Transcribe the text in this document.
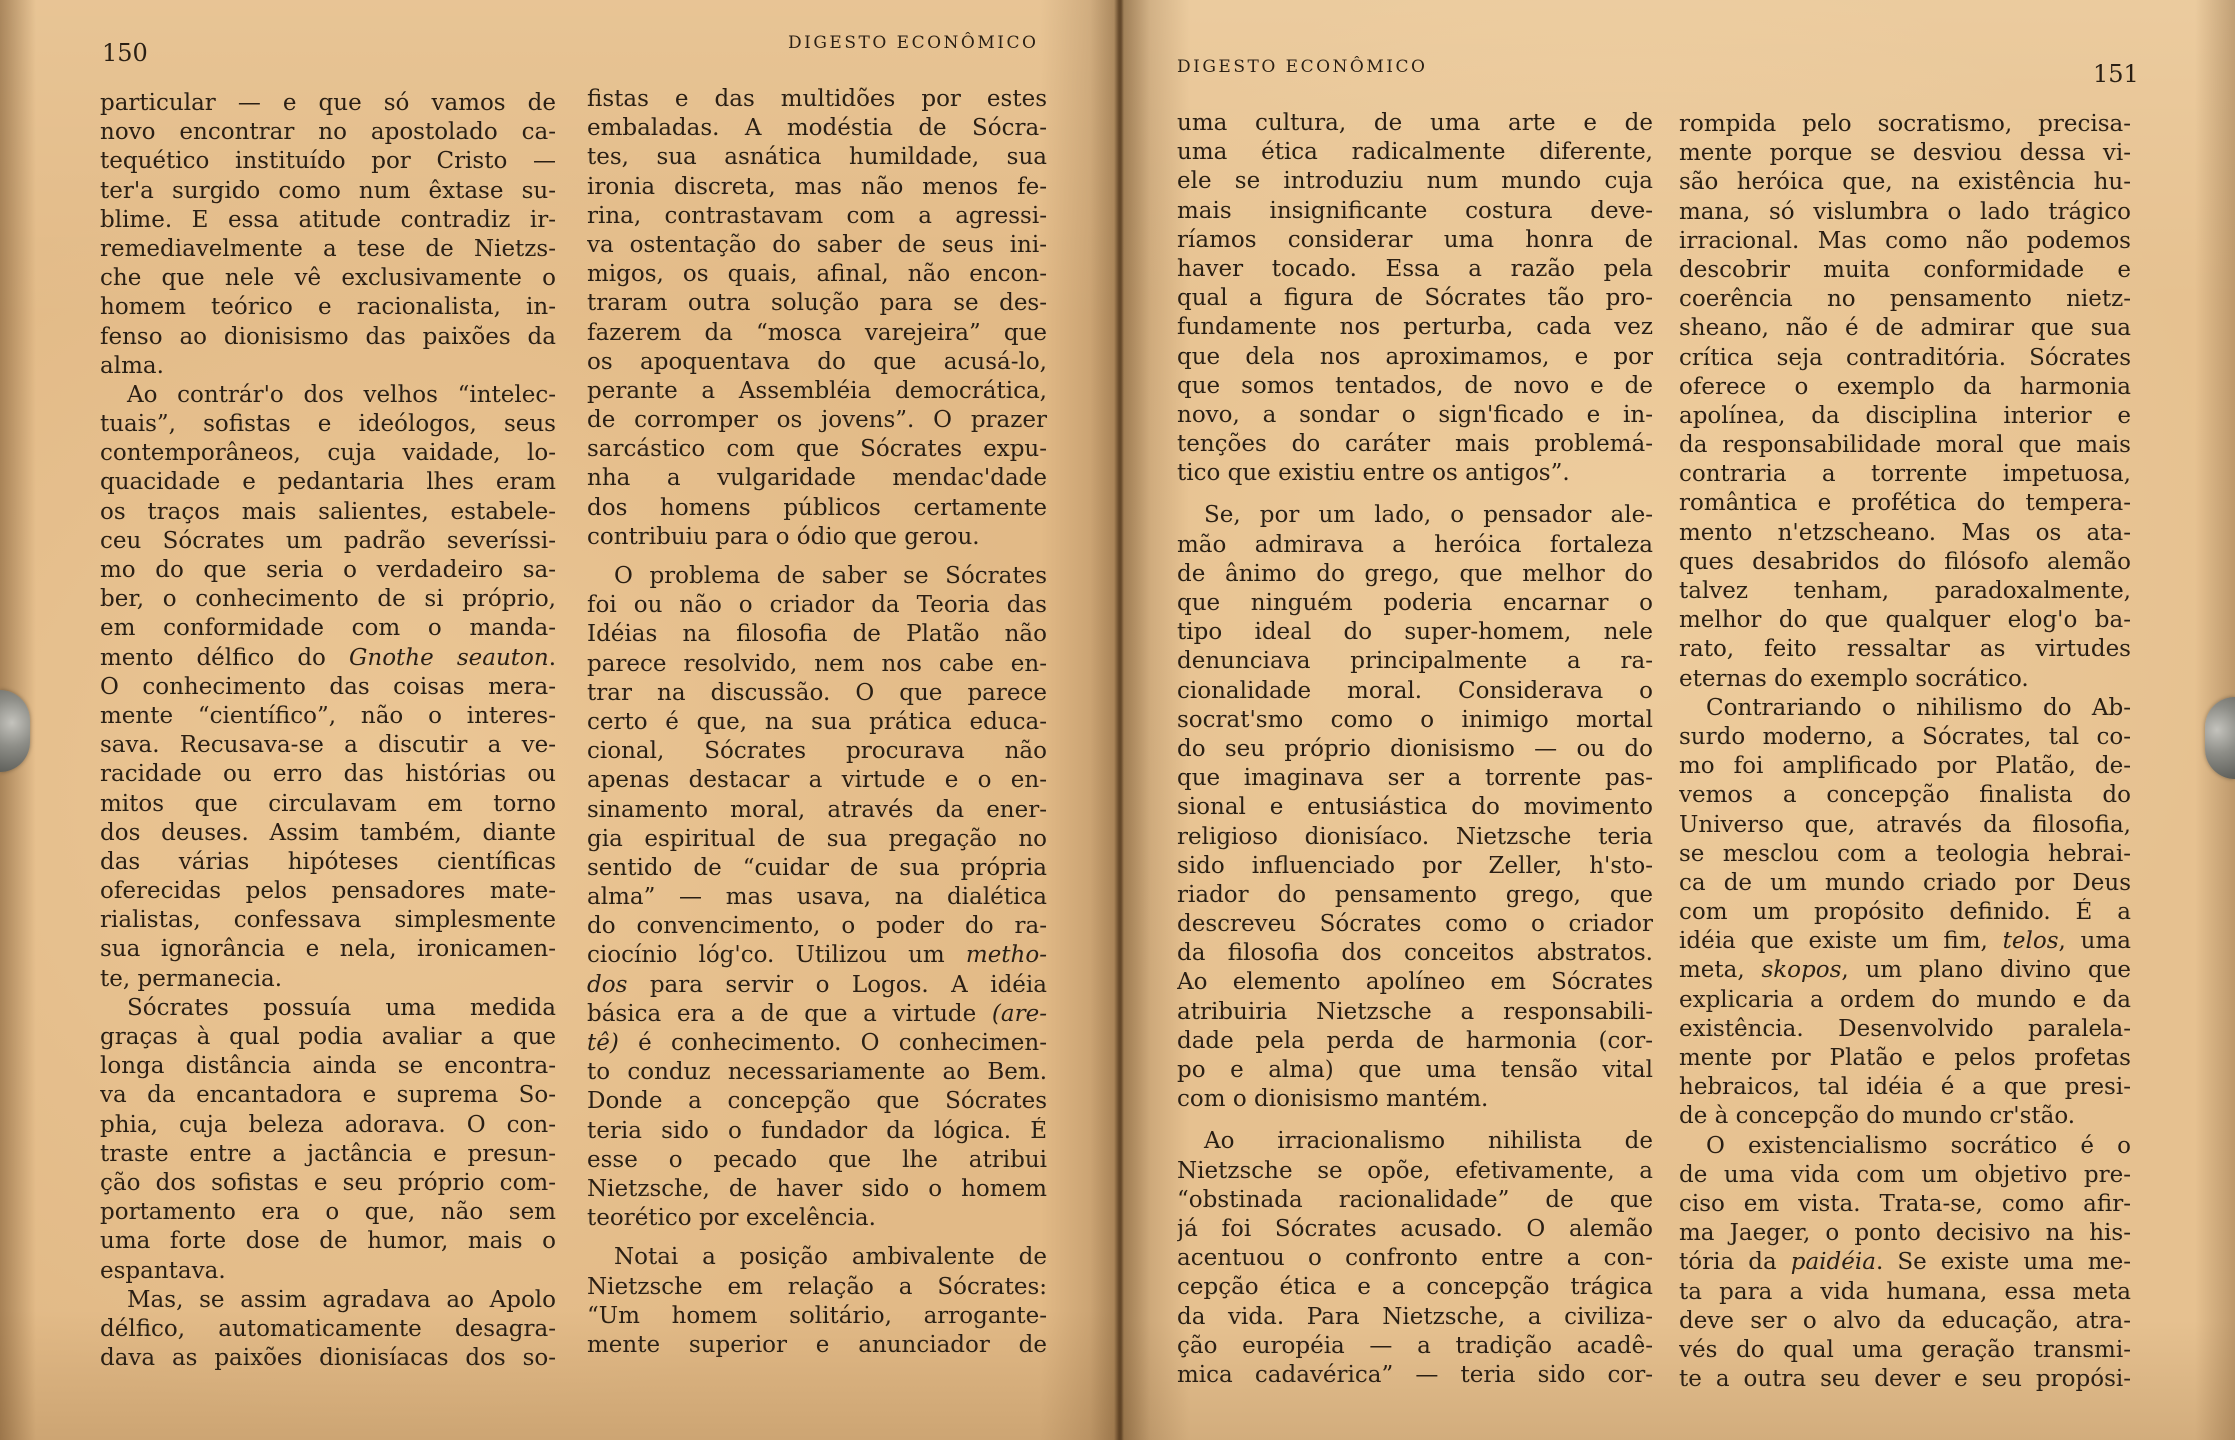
150	DIGESTO ECONÔMICO
DIGESTO ECONÔMICO	151
particular — e que só vamos de
novo encontrar no apostolado ca-
tequético instituído por Cristo —
ter'a surgido como num êxtase su-
blime. E essa atitude contradiz ir-
remediavelmente a tese de Nietzs-
che que nele vê exclusivamente o
homem teórico e racionalista, in-
fenso ao dionisismo das paixões da
alma.
Ao contrár'o dos velhos “intelec-
tuais”, sofistas e ideólogos, seus
contemporâneos, cuja vaidade, lo-
quacidade e pedantaria lhes eram
os traços mais salientes, estabele-
ceu Sócrates um padrão severíssi-
mo do que seria o verdadeiro sa-
ber, o conhecimento de si próprio,
em conformidade com o manda-
mento délfico do Gnothe seauton.
O conhecimento das coisas mera-
mente “científico”, não o interes-
sava. Recusava-se a discutir a ve-
racidade ou erro das histórias ou
mitos que circulavam em torno
dos deuses. Assim também, diante
das várias hipóteses científicas
oferecidas pelos pensadores mate-
rialistas, confessava simplesmente
sua ignorância e nela, ironicamen-
te, permanecia.
Sócrates possuía uma medida
graças à qual podia avaliar a que
longa distância ainda se encontra-
va da encantadora e suprema So-
phia, cuja beleza adorava. O con-
traste entre a jactância e presun-
ção dos sofistas e seu próprio com-
portamento era o que, não sem
uma forte dose de humor, mais o
espantava.
Mas, se assim agradava ao Apolo
délfico, automaticamente desagra-
dava as paixões dionisíacas dos so-
fistas e das multidões por estes
embaladas. A modéstia de Sócra-
tes, sua asnática humildade, sua
ironia discreta, mas não menos fe-
rina, contrastavam com a agressi-
va ostentação do saber de seus ini-
migos, os quais, afinal, não encon-
traram outra solução para se des-
fazerem da “mosca varejeira” que
os apoquentava do que acusá-lo,
perante a Assembléia democrática,
de corromper os jovens”. O prazer
sarcástico com que Sócrates expu-
nha a vulgaridade mendac'dade
dos homens públicos certamente
contribuiu para o ódio que gerou.
O problema de saber se Sócrates
foi ou não o criador da Teoria das
Idéias na filosofia de Platão não
parece resolvido, nem nos cabe en-
trar na discussão. O que parece
certo é que, na sua prática educa-
cional, Sócrates procurava não
apenas destacar a virtude e o en-
sinamento moral, através da ener-
gia espiritual de sua pregação no
sentido de “cuidar de sua própria
alma” — mas usava, na dialética
do convencimento, o poder do ra-
ciocínio lóg'co. Utilizou um metho-
dos para servir o Logos. A idéia
básica era a de que a virtude (are-
tê) é conhecimento. O conhecimen-
to conduz necessariamente ao Bem.
Donde a concepção que Sócrates
teria sido o fundador da lógica. É
esse o pecado que lhe atribui
Nietzsche, de haver sido o homem
teorético por excelência.
Notai a posição ambivalente de
Nietzsche em relação a Sócrates:
“Um homem solitário, arrogante-
mente superior e anunciador de
uma cultura, de uma arte e de
uma ética radicalmente diferente,
ele se introduziu num mundo cuja
mais insignificante costura deve-
ríamos considerar uma honra de
haver tocado. Essa a razão pela
qual a figura de Sócrates tão pro-
fundamente nos perturba, cada vez
que dela nos aproximamos, e por
que somos tentados, de novo e de
novo, a sondar o sign'ficado e in-
tenções do caráter mais problemá-
tico que existiu entre os antigos”.
Se, por um lado, o pensador ale-
mão admirava a heróica fortaleza
de ânimo do grego, que melhor do
que ninguém poderia encarnar o
tipo ideal do super-homem, nele
denunciava principalmente a ra-
cionalidade moral. Considerava o
socrat'smo como o inimigo mortal
do seu próprio dionisismo — ou do
que imaginava ser a torrente pas-
sional e entusiástica do movimento
religioso dionisíaco. Nietzsche teria
sido influenciado por Zeller, h'sto-
riador do pensamento grego, que
descreveu Sócrates como o criador
da filosofia dos conceitos abstratos.
Ao elemento apolíneo em Sócrates
atribuiria Nietzsche a responsabili-
dade pela perda de harmonia (cor-
po e alma) que uma tensão vital
com o dionisismo mantém.
Ao irracionalismo nihilista de
Nietzsche se opõe, efetivamente, a
“obstinada racionalidade” de que
já foi Sócrates acusado. O alemão
acentuou o confronto entre a con-
cepção ética e a concepção trágica
da vida. Para Nietzsche, a civiliza-
ção européia — a tradição acadê-
mica cadavérica” — teria sido cor-
rompida pelo socratismo, precisa-
mente porque se desviou dessa vi-
são heróica que, na existência hu-
mana, só vislumbra o lado trágico
irracional. Mas como não podemos
descobrir muita conformidade e
coerência no pensamento nietz-
sheano, não é de admirar que sua
crítica seja contraditória. Sócrates
oferece o exemplo da harmonia
apolínea, da disciplina interior e
da responsabilidade moral que mais
contraria a torrente impetuosa,
romântica e profética do tempera-
mento n'etzscheano. Mas os ata-
ques desabridos do filósofo alemão
talvez tenham, paradoxalmente,
melhor do que qualquer elog'o ba-
rato, feito ressaltar as virtudes
eternas do exemplo socrático.
Contrariando o nihilismo do Ab-
surdo moderno, a Sócrates, tal co-
mo foi amplificado por Platão, de-
vemos a concepção finalista do
Universo que, através da filosofia,
se mesclou com a teologia hebrai-
ca de um mundo criado por Deus
com um propósito definido. É a
idéia que existe um fim, telos, uma
meta, skopos, um plano divino que
explicaria a ordem do mundo e da
existência. Desenvolvido paralela-
mente por Platão e pelos profetas
hebraicos, tal idéia é a que presi-
de à concepção do mundo cr'stão.
O existencialismo socrático é o
de uma vida com um objetivo pre-
ciso em vista. Trata-se, como afir-
ma Jaeger, o ponto decisivo na his-
tória da paidéia. Se existe uma me-
ta para a vida humana, essa meta
deve ser o alvo da educação, atra-
vés do qual uma geração transmi-
te a outra seu dever e seu propósi-
